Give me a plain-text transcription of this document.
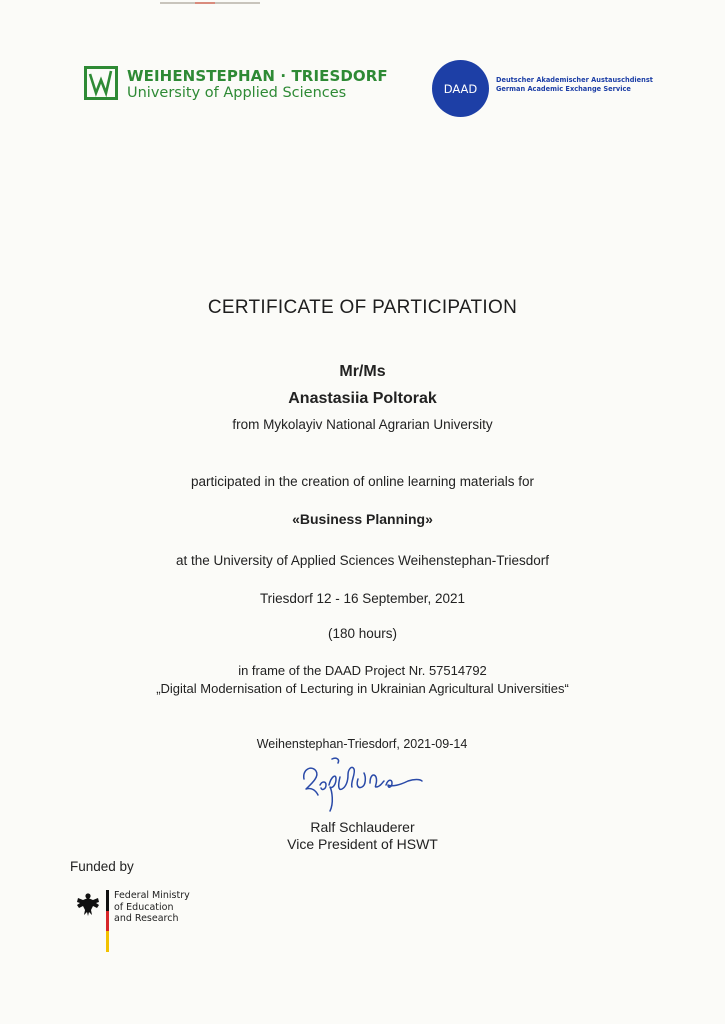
WEIHENSTEPHAN · TRIESDORF
University of Applied Sciences	DAAD
Deutscher Akademischer Austauschdienst
German Academic Exchange Service
CERTIFICATE OF PARTICIPATION
Mr/Ms
Anastasiia Poltorak
from Mykolayiv National Agrarian University
participated in the creation of online learning materials for
«Business Planning»
at the University of Applied Sciences Weihenstephan-Triesdorf
Triesdorf 12 - 16 September, 2021
(180 hours)
in frame of the DAAD Project Nr. 57514792
„Digital Modernisation of Lecturing in Ukrainian Agricultural Universities“
Weihenstephan-Triesdorf, 2021-09-14
Ralf Schlauderer
Vice President of HSWT
Funded by
Federal Ministry
of Education
and Research
